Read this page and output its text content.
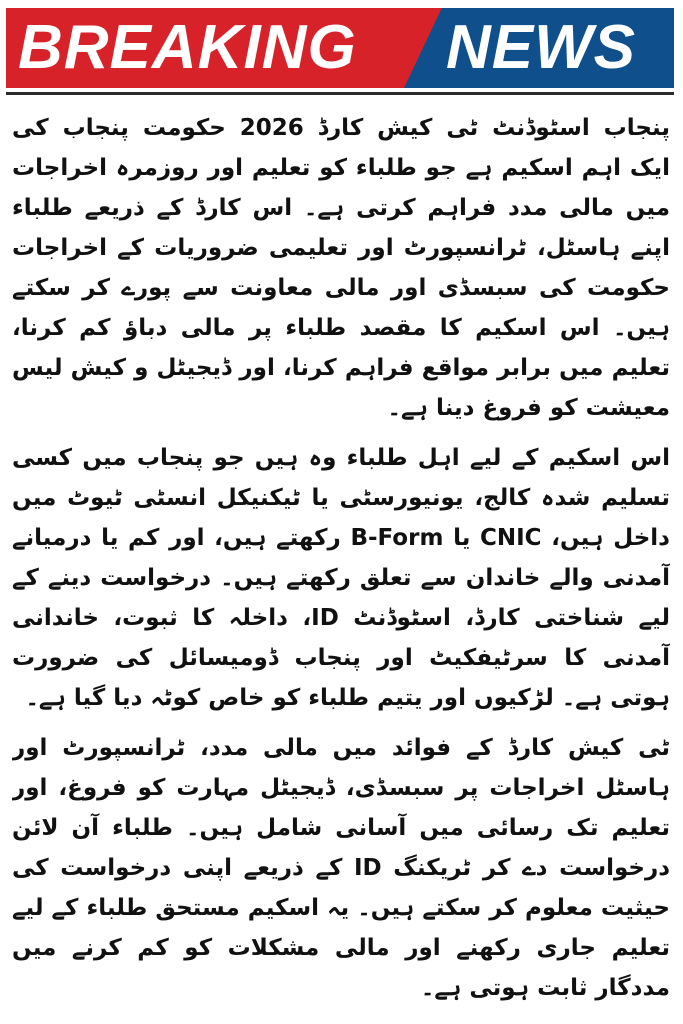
BREAKING NEWS

پنجاب اسٹوڈنٹ ٹی کیش کارڈ 2026 حکومت پنجاب کی ایک اہم اسکیم ہے جو طلباء کو تعلیم اور روزمرہ اخراجات میں مالی مدد فراہم کرتی ہے۔ اس کارڈ کے ذریعے طلباء اپنے ہاسٹل، ٹرانسپورٹ اور تعلیمی ضروریات کے اخراجات حکومت کی سبسڈی اور مالی معاونت سے پورے کر سکتے ہیں۔ اس اسکیم کا مقصد طلباء پر مالی دباؤ کم کرنا، تعلیم میں برابر مواقع فراہم کرنا، اور ڈیجیٹل و کیش لیس معیشت کو فروغ دینا ہے۔

اس اسکیم کے لیے اہل طلباء وہ ہیں جو پنجاب میں کسی تسلیم شدہ کالج، یونیورسٹی یا ٹیکنیکل انسٹی ٹیوٹ میں داخل ہیں، CNIC یا B-Form رکھتے ہیں، اور کم یا درمیانے آمدنی والے خاندان سے تعلق رکھتے ہیں۔ درخواست دینے کے لیے شناختی کارڈ، اسٹوڈنٹ ID، داخلہ کا ثبوت، خاندانی آمدنی کا سرٹیفکیٹ اور پنجاب ڈومیسائل کی ضرورت ہوتی ہے۔ لڑکیوں اور یتیم طلباء کو خاص کوٹہ دیا گیا ہے۔

ٹی کیش کارڈ کے فوائد میں مالی مدد، ٹرانسپورٹ اور ہاسٹل اخراجات پر سبسڈی، ڈیجیٹل مہارت کو فروغ، اور تعلیم تک رسائی میں آسانی شامل ہیں۔ طلباء آن لائن درخواست دے کر ٹریکنگ ID کے ذریعے اپنی درخواست کی حیثیت معلوم کر سکتے ہیں۔ یہ اسکیم مستحق طلباء کے لیے تعلیم جاری رکھنے اور مالی مشکلات کو کم کرنے میں مددگار ثابت ہوتی ہے۔
